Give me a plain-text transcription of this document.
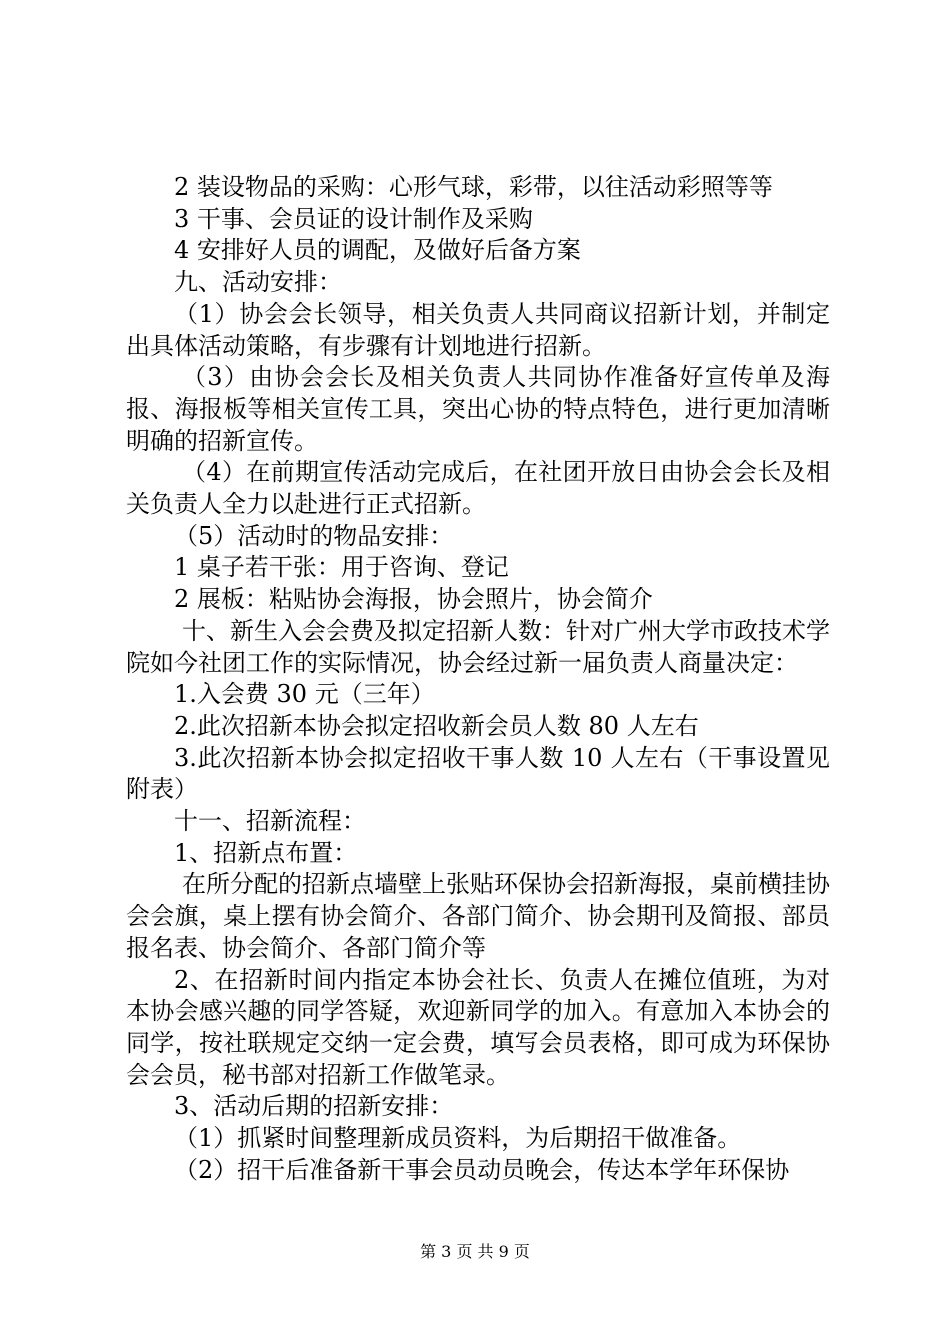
2 装设物品的采购：心形气球，彩带，以往活动彩照等等

3 干事、会员证的设计制作及采购

4 安排好人员的调配，及做好后备方案

九、活动安排：

（1）协会会长领导，相关负责人共同商议招新计划，并制定出具体活动策略，有步骤有计划地进行招新。

（3）由协会会长及相关负责人共同协作准备好宣传单及海报、海报板等相关宣传工具，突出心协的特点特色，进行更加清晰明确的招新宣传。

（4）在前期宣传活动完成后，在社团开放日由协会会长及相关负责人全力以赴进行正式招新。

（5）活动时的物品安排：

1 桌子若干张：用于咨询、登记

2 展板：粘贴协会海报，协会照片，协会简介

十、新生入会会费及拟定招新人数：针对广州大学市政技术学院如今社团工作的实际情况，协会经过新一届负责人商量决定：

1.入会费 30 元（三年）

2.此次招新本协会拟定招收新会员人数 80 人左右

3.此次招新本协会拟定招收干事人数 10 人左右（干事设置见附表）

十一、招新流程：

1、招新点布置：

在所分配的招新点墙壁上张贴环保协会招新海报，桌前横挂协会会旗，桌上摆有协会简介、各部门简介、协会期刊及简报、部员报名表、协会简介、各部门简介等

2、在招新时间内指定本协会社长、负责人在摊位值班，为对本协会感兴趣的同学答疑，欢迎新同学的加入。有意加入本协会的同学，按社联规定交纳一定会费，填写会员表格，即可成为环保协会会员，秘书部对招新工作做笔录。

3、活动后期的招新安排：

（1）抓紧时间整理新成员资料，为后期招干做准备。

（2）招干后准备新干事会员动员晚会，传达本学年环保协

第 3 页 共 9 页
